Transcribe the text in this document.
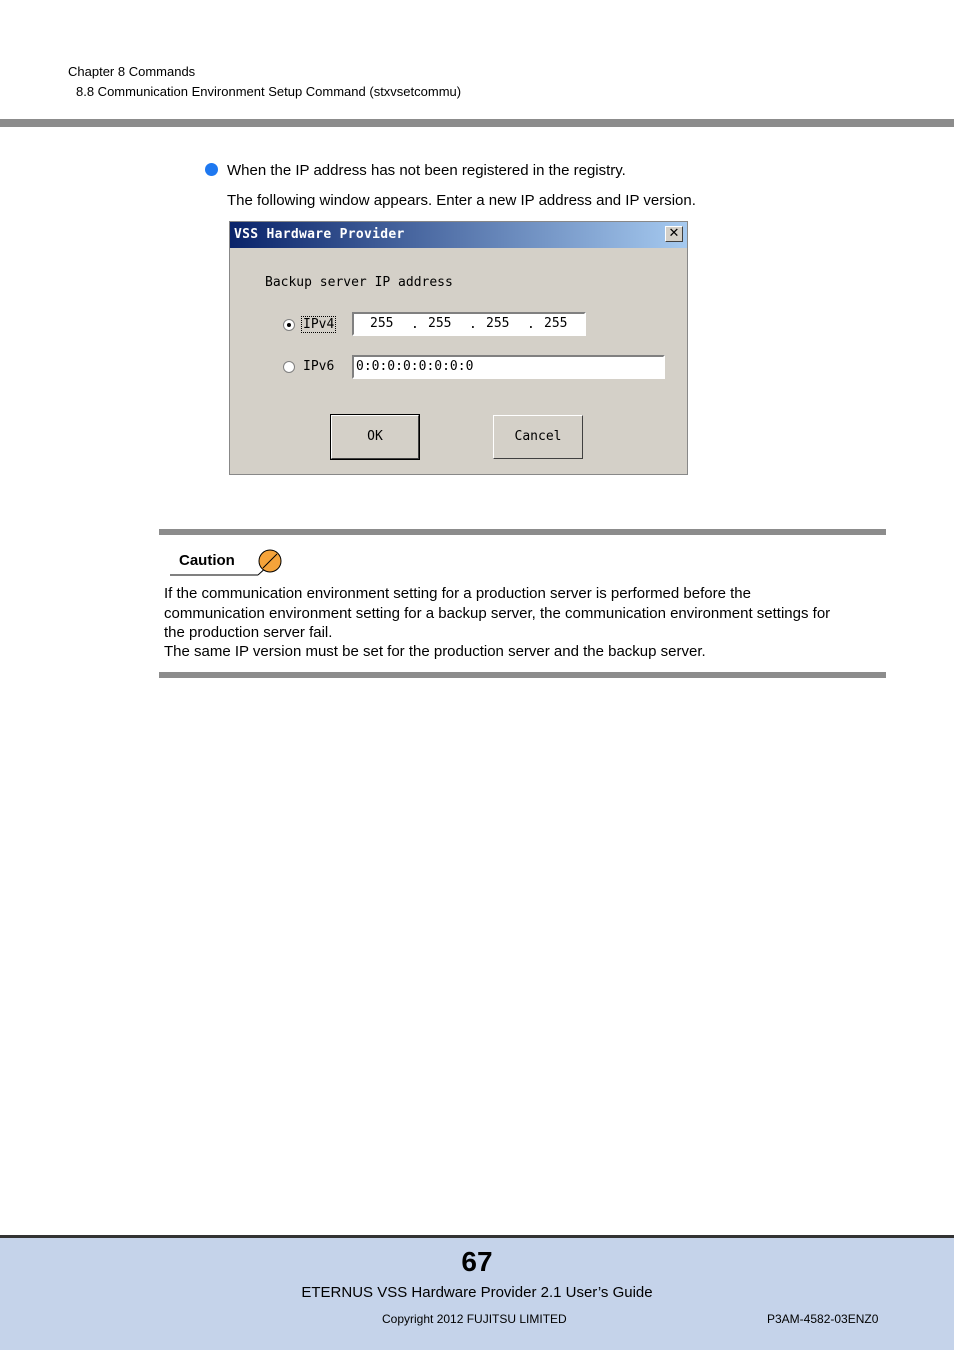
Chapter 8 Commands
8.8 Communication Environment Setup Command (stxvsetcommu)
When the IP address has not been registered in the registry.
The following window appears. Enter a new IP address and IP version.
VSS Hardware Provider	✕
Backup server IP address
IPv4	255 . 255 . 255 . 255
IPv6 0:0:0:0:0:0:0:0
OK	Cancel
Caution
If the communication environment setting for a production server is performed before the
communication environment setting for a backup server, the communication environment settings for
the production server fail.
The same IP version must be set for the production server and the backup server.
67
ETERNUS VSS Hardware Provider 2.1 User’s Guide
Copyright 2012 FUJITSU LIMITED	P3AM-4582-03ENZ0
